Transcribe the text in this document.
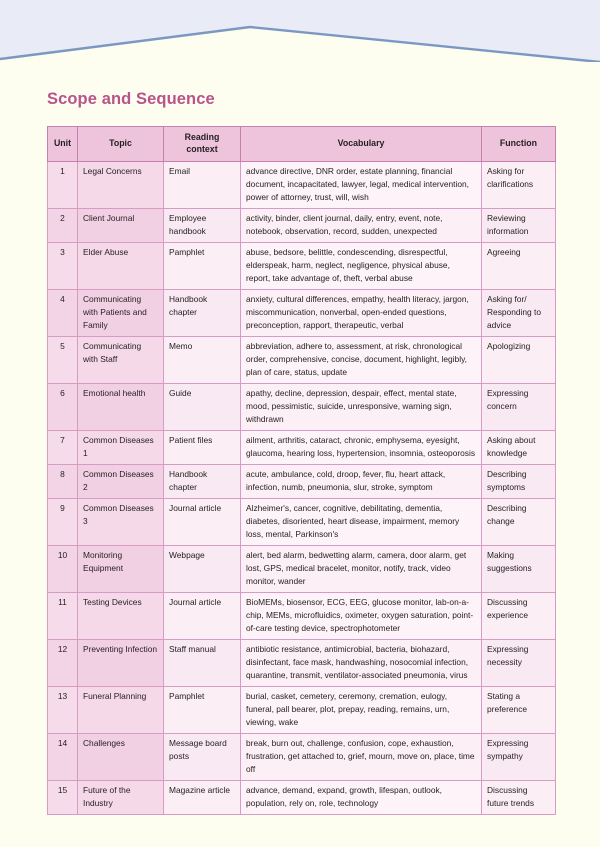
Scope and Sequence
Unit	Topic	Reading context	Vocabulary	Function
1	Legal Concerns	Email	advance directive, DNR order, estate planning, financial document, incapacitated, lawyer, legal, medical intervention, power of attorney, trust, will, wish	Asking for clarifications
2	Client Journal	Employee handbook	activity, binder, client journal, daily, entry, event, note, notebook, observation, record, sudden, unexpected	Reviewing information
3	Elder Abuse	Pamphlet	abuse, bedsore, belittle, condescending, disrespectful, elderspeak, harm, neglect, negligence, physical abuse, report, take advantage of, theft, verbal abuse	Agreeing
4	Communicating with Patients and Family	Handbook chapter	anxiety, cultural differences, empathy, health literacy, jargon, miscommunication, nonverbal, open-ended questions, preconception, rapport, therapeutic, verbal	Asking for/ Responding to advice
5	Communicating with Staff	Memo	abbreviation, adhere to, assessment, at risk, chronological order, comprehensive, concise, document, highlight, legibly, plan of care, status, update	Apologizing
6	Emotional health	Guide	apathy, decline, depression, despair, effect, mental state, mood, pessimistic, suicide, unresponsive, warning sign, withdrawn	Expressing concern
7	Common Diseases 1	Patient files	ailment, arthritis, cataract, chronic, emphysema, eyesight, glaucoma, hearing loss, hypertension, insomnia, osteoporosis	Asking about knowledge
8	Common Diseases 2	Handbook chapter	acute, ambulance, cold, droop, fever, flu, heart attack, infection, numb, pneumonia, slur, stroke, symptom	Describing symptoms
9	Common Diseases 3	Journal article	Alzheimer's, cancer, cognitive, debilitating, dementia, diabetes, disoriented, heart disease, impairment, memory loss, mental, Parkinson's	Describing change
10	Monitoring Equipment	Webpage	alert, bed alarm, bedwetting alarm, camera, door alarm, get lost, GPS, medical bracelet, monitor, notify, track, video monitor, wander	Making suggestions
11	Testing Devices	Journal article	BioMEMs, biosensor, ECG, EEG, glucose monitor, lab-on-a-chip, MEMs, microfluidics, oximeter, oxygen saturation, point-of-care testing device, spectrophotometer	Discussing experience
12	Preventing Infection	Staff manual	antibiotic resistance, antimicrobial, bacteria, biohazard, disinfectant, face mask, handwashing, nosocomial infection, quarantine, transmit, ventilator-associated pneumonia, virus	Expressing necessity
13	Funeral Planning	Pamphlet	burial, casket, cemetery, ceremony, cremation, eulogy, funeral, pall bearer, plot, prepay, reading, remains, urn, viewing, wake	Stating a preference
14	Challenges	Message board posts	break, burn out, challenge, confusion, cope, exhaustion, frustration, get attached to, grief, mourn, move on, place, time off	Expressing sympathy
15	Future of the Industry	Magazine article	advance, demand, expand, growth, lifespan, outlook, population, rely on, role, technology	Discussing future trends
